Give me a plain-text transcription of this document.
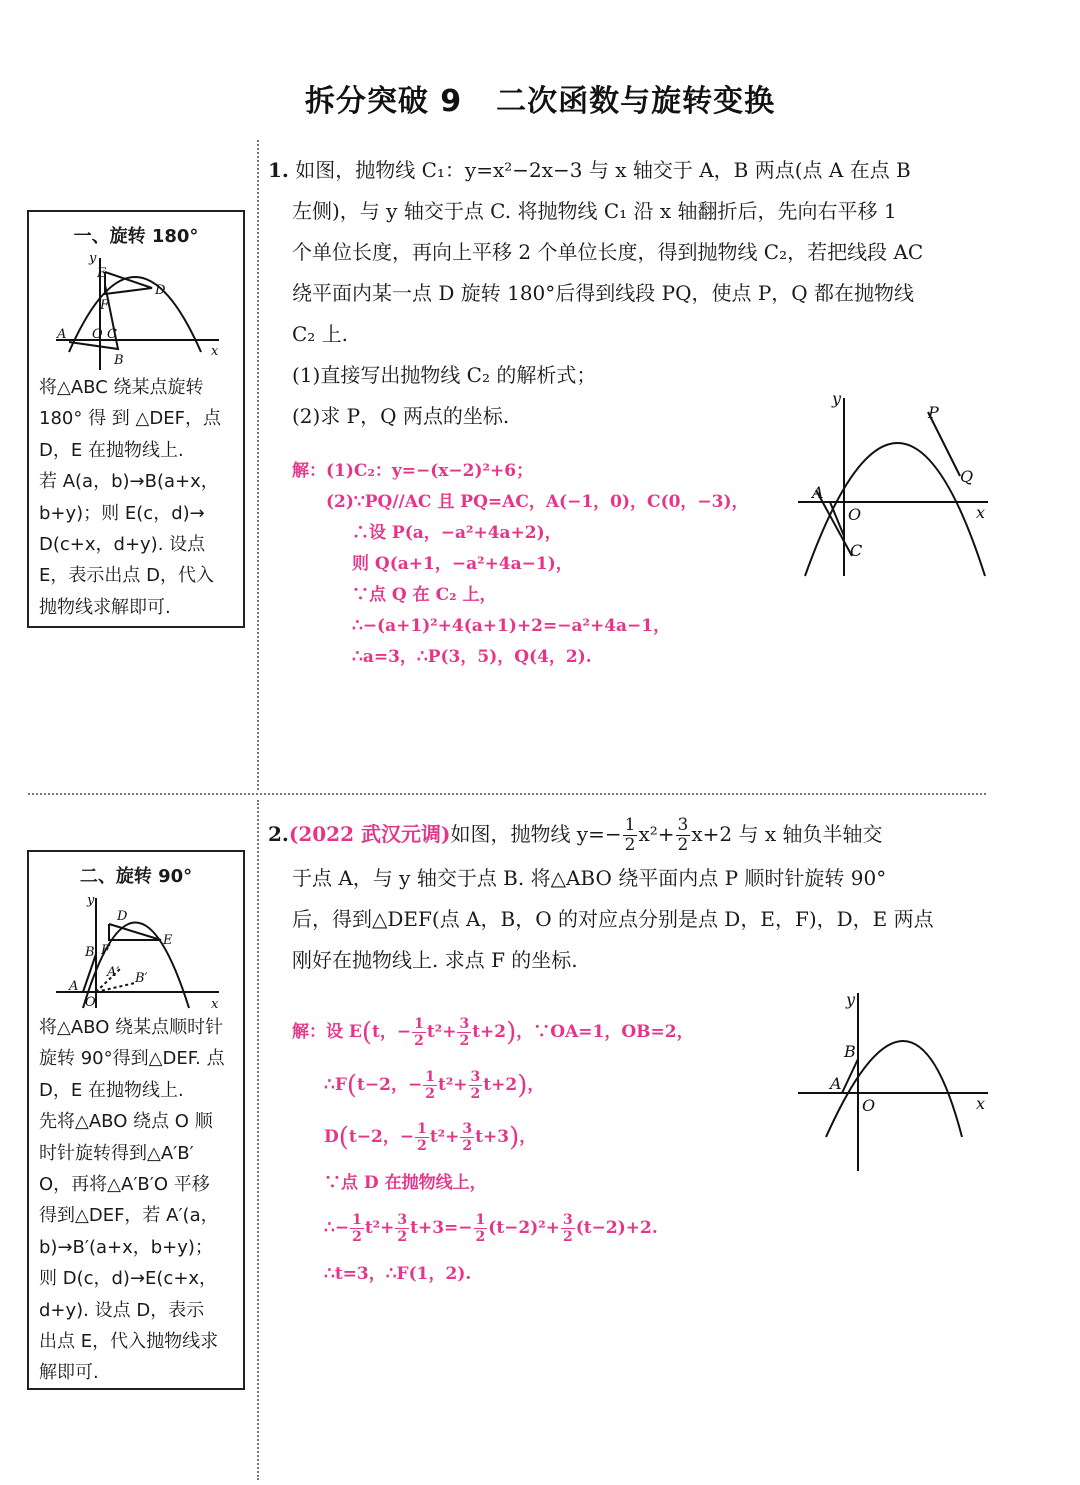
拆分突破 9 二次函数与旋转变换
一、旋转 180°
y
x
E
F
D
A O C
B
将△ABC 绕某点旋转
180° 得 到 △DEF，点
D，E 在抛物线上.
若 A(a，b)→B(a+x，
b+y)；则 E(c，d)→
D(c+x，d+y). 设点
E，表示出点 D，代入
抛物线求解即可.
二、旋转 90°
y
x
D
B F
E
A′ B′
A
O
将△ABO 绕某点顺时针
旋转 90°得到△DEF. 点
D，E 在抛物线上.
先将△ABO 绕点 O 顺
时针旋转得到△A′B′
O，再将△A′B′O 平移
得到△DEF，若 A′(a，
b)→B′(a+x，b+y)；
则 D(c，d)→E(c+x，
d+y). 设点 D，表示
出点 E，代入抛物线求
解即可.

1. 如图，抛物线 C₁：y=x²−2x−3 与 x 轴交于 A，B 两点(点 A 在点 B

左侧)，与 y 轴交于点 C. 将抛物线 C₁ 沿 x 轴翻折后，先向右平移 1

个单位长度，再向上平移 2 个单位长度，得到抛物线 C₂，若把线段 AC

绕平面内某一点 D 旋转 180°后得到线段 PQ，使点 P，Q 都在抛物线

C₂ 上.

(1)直接写出抛物线 C₂ 的解析式；

(2)求 P，Q 两点的坐标.

y
x
P
Q
A
O
C

解：(1)C₂：y=−(x−2)²+6；

(2)∵PQ//AC 且 PQ=AC，A(−1，0)，C(0，−3)，

∴设 P(a，−a²+4a+2)，

则 Q(a+1，−a²+4a−1)，

∵点 Q 在 C₂ 上，

∴−(a+1)²+4(a+1)+2=−a²+4a−1，

∴a=3，∴P(3，5)，Q(4，2).

2.(2022 武汉元调)如图，抛物线 $y=- \frac{1}{2} x^2+ \frac{3}{2} x+2$ 与 x 轴负半轴交

于点 A，与 y 轴交于点 B. 将△ABO 绕平面内点 P 顺时针旋转 90°

后，得到△DEF(点 A，B，O 的对应点分别是点 D，E，F)，D，E 两点

刚好在抛物线上. 求点 F 的坐标.

y
x
B
A
O

解：设 E(t，− $\frac{1}{2} t^2+ \frac{3}{2} t+2$)，∵OA=1，OB=2，

∴F(t−2，− $\frac{1}{2} t^2+ \frac{3}{2} t+2$)，

D(t−2，− $\frac{1}{2} t^2+ \frac{3}{2} t+3$)，

∵点 D 在抛物线上，

∴− $\frac{1}{2} t^2+ \frac{3}{2} t+3=- \frac{1}{2} (t-2)^2+ \frac{3}{2} (t-2)+2$.

∴t=3，∴F(1，2).
